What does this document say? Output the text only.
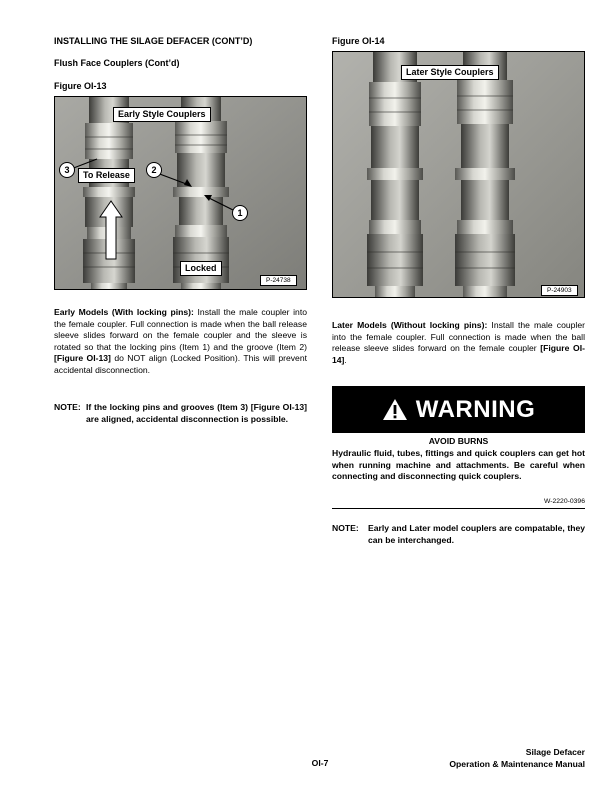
INSTALLING THE SILAGE DEFACER (CONT’D)
Flush Face Couplers (Cont’d)
Figure OI-13
Early Style Couplers
3	To Release	2
1
Locked
P-24738
Early Models (With locking pins): Install the male coupler into the female coupler. Full connection is made when the ball release sleeve slides forward on the female coupler and the sleeve is rotated so that the locking pins (Item 1) and the groove (Item 2) [Figure OI-13] do NOT align (Locked Position). This will prevent accidental disconnection.
NOTE: If the locking pins and grooves (Item 3) [Figure OI-13] are aligned, accidental disconnection is possible.
Figure OI-14
Later Style Couplers
P-24903
Later Models (Without locking pins): Install the male coupler into the female coupler. Full connection is made when the ball release sleeve slides forward on the female coupler [Figure OI-14].
WARNING
AVOID BURNS
Hydraulic fluid, tubes, fittings and quick couplers can get hot when running machine and attachments. Be careful when connecting and disconnecting quick couplers.
W-2220-0396
NOTE:	Early and Later model couplers are compatable, they can be interchanged.
OI-7
Silage Defacer
Operation & Maintenance Manual
